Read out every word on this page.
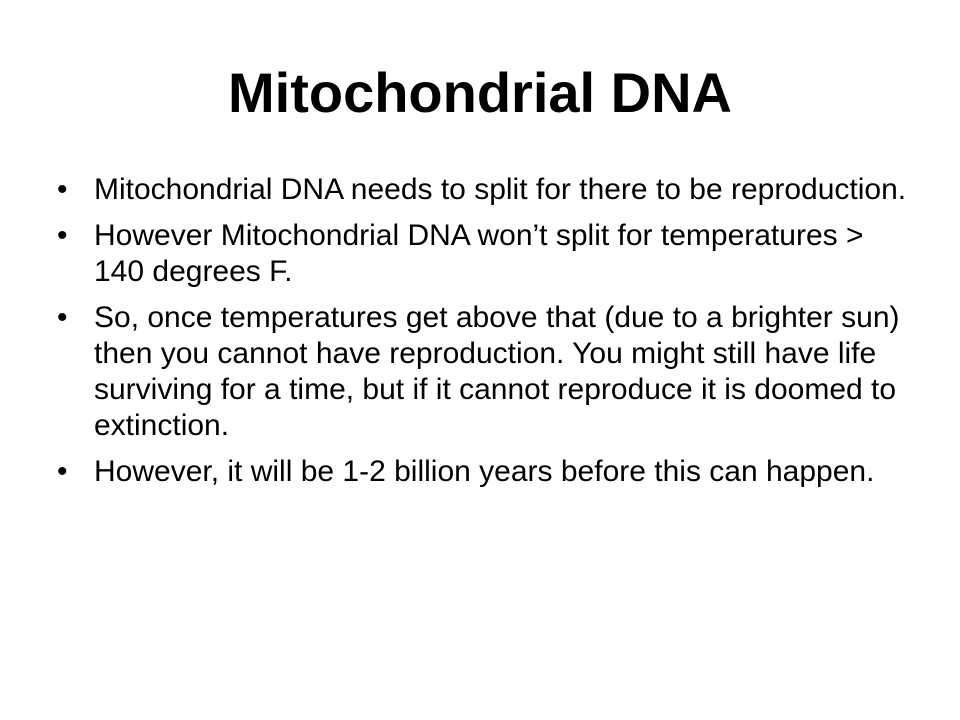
Mitochondrial DNA
• Mitochondrial DNA needs to split for there to be reproduction.
• However Mitochondrial DNA won’t split for temperatures > 140 degrees F.
• So, once temperatures get above that (due to a brighter sun) then you cannot have reproduction. You might still have life surviving for a time, but if it cannot reproduce it is doomed to extinction.
• However, it will be 1-2 billion years before this can happen.
